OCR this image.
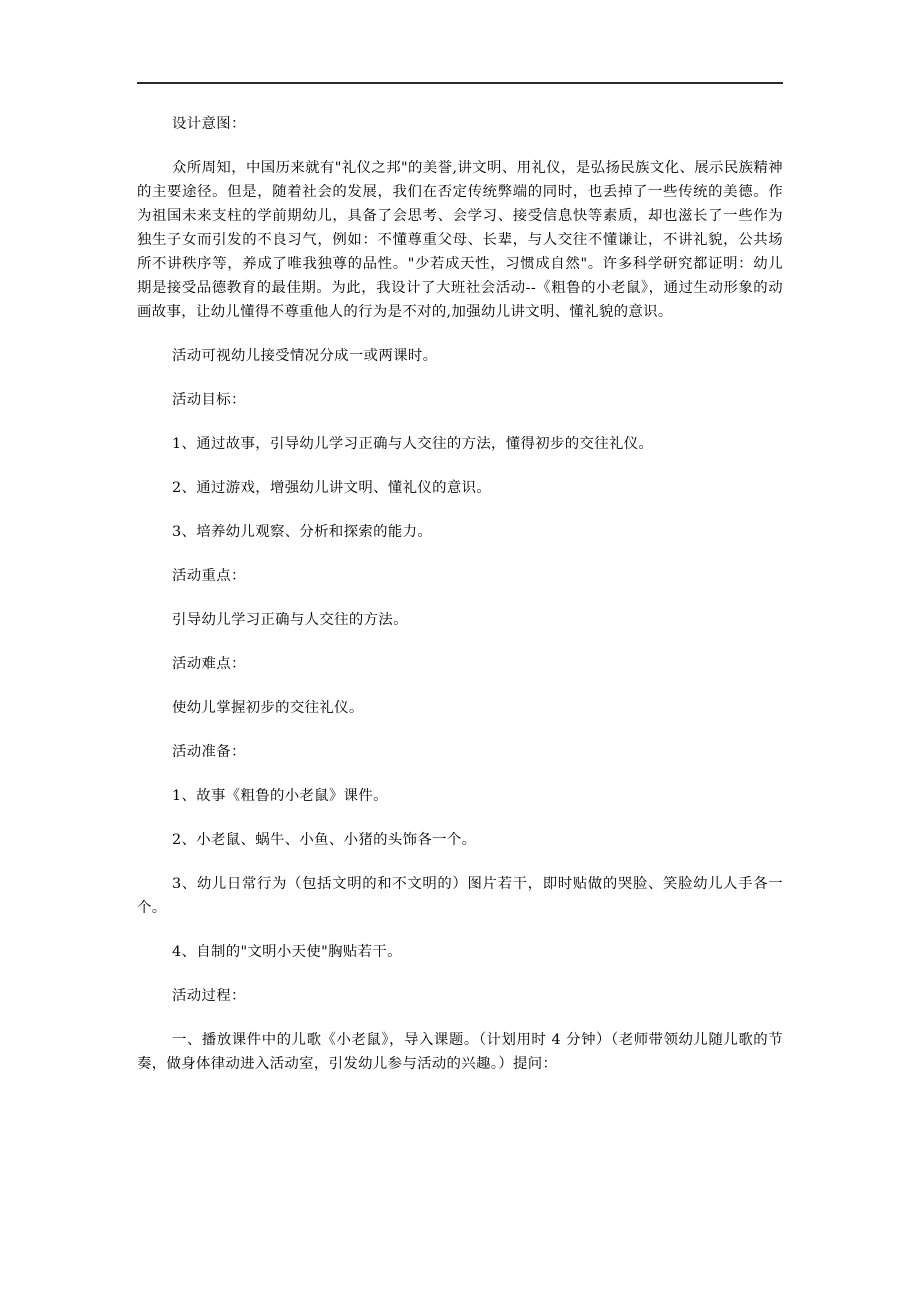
设计意图：

众所周知，中国历来就有"礼仪之邦"的美誉,讲文明、用礼仪，是弘扬民族文化、展示民族精神的主要途径。但是，随着社会的发展，我们在否定传统弊端的同时，也丢掉了一些传统的美德。作为祖国未来支柱的学前期幼儿，具备了会思考、会学习、接受信息快等素质，却也滋长了一些作为独生子女而引发的不良习气，例如：不懂尊重父母、长辈，与人交往不懂谦让，不讲礼貌，公共场所不讲秩序等，养成了唯我独尊的品性。"少若成天性，习惯成自然"。许多科学研究都证明：幼儿期是接受品德教育的最佳期。为此，我设计了大班社会活动--《粗鲁的小老鼠》，通过生动形象的动画故事，让幼儿懂得不尊重他人的行为是不对的,加强幼儿讲文明、懂礼貌的意识。

活动可视幼儿接受情况分成一或两课时。

活动目标：

1、通过故事，引导幼儿学习正确与人交往的方法，懂得初步的交往礼仪。

2、通过游戏，增强幼儿讲文明、懂礼仪的意识。

3、培养幼儿观察、分析和探索的能力。

活动重点：

引导幼儿学习正确与人交往的方法。

活动难点：

使幼儿掌握初步的交往礼仪。

活动准备：

1、故事《粗鲁的小老鼠》课件。

2、小老鼠、蜗牛、小鱼、小猪的头饰各一个。

3、幼儿日常行为（包括文明的和不文明的）图片若干，即时贴做的哭脸、笑脸幼儿人手各一个。

4、自制的"文明小天使"胸贴若干。

活动过程：

一、播放课件中的儿歌《小老鼠》，导入课题。（计划用时 4 分钟）（老师带领幼儿随儿歌的节奏，做身体律动进入活动室，引发幼儿参与活动的兴趣。）提问：
